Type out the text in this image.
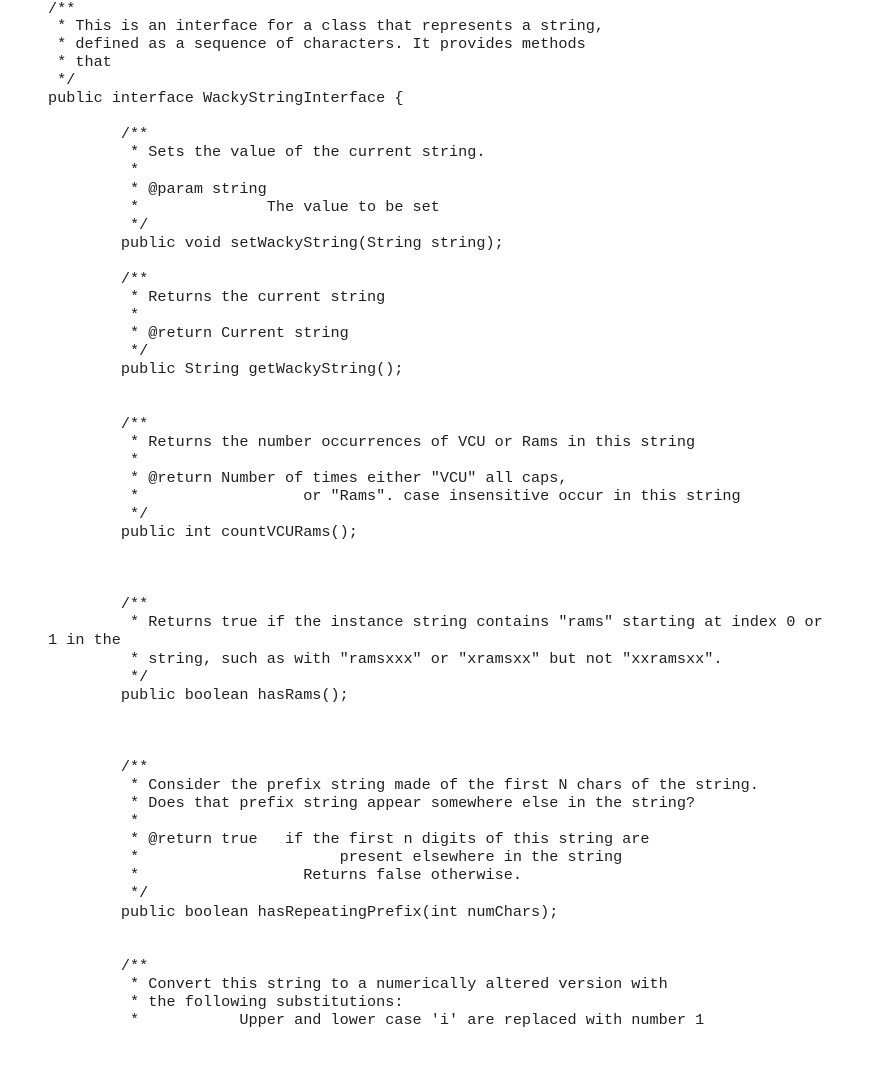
/**
* This is an interface for a class that represents a string,
* defined as a sequence of characters. It provides methods
* that
*/
public interface WackyStringInterface {
/**
* Sets the value of the current string.
*
* @param string
*              The value to be set
*/
public void setWackyString(String string);
/**
* Returns the current string
*
* @return Current string
*/
public String getWackyString();
/**
* Returns the number occurrences of VCU or Rams in this string
*
* @return Number of times either "VCU" all caps,
*                  or "Rams". case insensitive occur in this string
*/
public int countVCURams();
/**
* Returns true if the instance string contains "rams" starting at index 0 or
1 in the
* string, such as with "ramsxxx" or "xramsxx" but not "xxramsxx".
*/
public boolean hasRams();
/**
* Consider the prefix string made of the first N chars of the string.
* Does that prefix string appear somewhere else in the string?
*
* @return true   if the first n digits of this string are
*                      present elsewhere in the string
*                  Returns false otherwise.
*/
public boolean hasRepeatingPrefix(int numChars);
/**
* Convert this string to a numerically altered version with
* the following substitutions:
*           Upper and lower case 'i' are replaced with number 1
